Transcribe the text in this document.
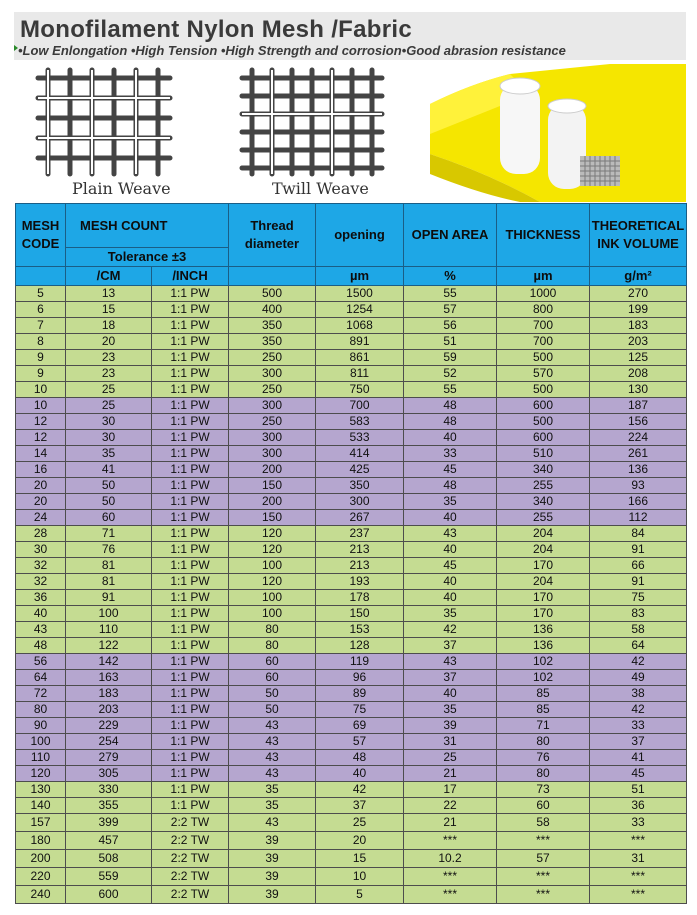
Monofilament Nylon Mesh /Fabric
•Low Enlongation •High Tension •High Strength and corrosion•Good abrasion resistance
Plain Weave	Twill Weave
MESH CODE	MESH COUNT		Thread diameter	opening	OPEN AREA	THICKNESS	THEORETICAL INK VOLUME
	Tolerance ±3						
	/CM	/INCH		µm	%	µm	g/m²
5	13	1:1 PW	500	1500	55	1000	270
6	15	1:1 PW	400	1254	57	800	199
7	18	1:1 PW	350	1068	56	700	183
8	20	1:1 PW	350	891	51	700	203
9	23	1:1 PW	250	861	59	500	125
9	23	1:1 PW	300	811	52	570	208
10	25	1:1 PW	250	750	55	500	130
10	25	1:1 PW	300	700	48	600	187
12	30	1:1 PW	250	583	48	500	156
12	30	1:1 PW	300	533	40	600	224
14	35	1:1 PW	300	414	33	510	261
16	41	1:1 PW	200	425	45	340	136
20	50	1:1 PW	150	350	48	255	93
20	50	1:1 PW	200	300	35	340	166
24	60	1:1 PW	150	267	40	255	112
28	71	1:1 PW	120	237	43	204	84
30	76	1:1 PW	120	213	40	204	91
32	81	1:1 PW	100	213	45	170	66
32	81	1:1 PW	120	193	40	204	91
36	91	1:1 PW	100	178	40	170	75
40	100	1:1 PW	100	150	35	170	83
43	110	1:1 PW	80	153	42	136	58
48	122	1:1 PW	80	128	37	136	64
56	142	1:1 PW	60	119	43	102	42
64	163	1:1 PW	60	96	37	102	49
72	183	1:1 PW	50	89	40	85	38
80	203	1:1 PW	50	75	35	85	42
90	229	1:1 PW	43	69	39	71	33
100	254	1:1 PW	43	57	31	80	37
110	279	1:1 PW	43	48	25	76	41
120	305	1:1 PW	43	40	21	80	45
130	330	1:1 PW	35	42	17	73	51
140	355	1:1 PW	35	37	22	60	36
157	399	2:2 TW	43	25	21	58	33
180	457	2:2 TW	39	20	***	***	***
200	508	2:2 TW	39	15	10.2	57	31
220	559	2:2 TW	39	10	***	***	***
240	600	2:2 TW	39	5	***	***	***
